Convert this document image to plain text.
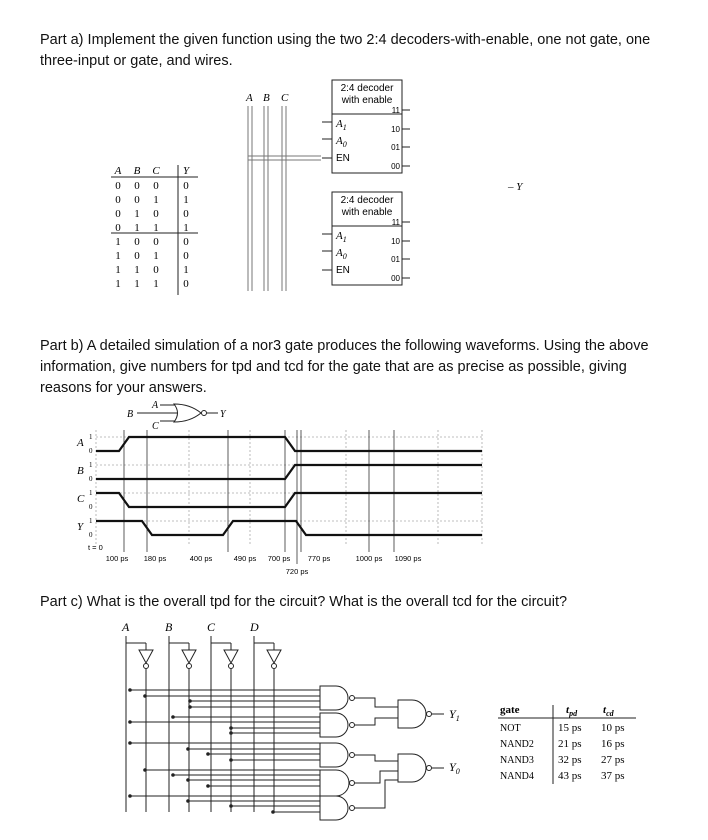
Part a) Implement the given function using the two 2:4 decoders-with-enable, one not gate, one three-input or gate, and wires.

A B C Y
0 0 0 0
0 0 1 1
0 1 0 0
0 1 1 1
1 0 0 0
1 0 1 0
1 1 0 1
1 1 1 0
A B C
2:4 decoder
with enable
$A_1$
$A_0$
EN
11
10
01
00
2:4 decoder
with enable
$A_1$
$A_0$
EN
11
10
01
00
– Y

Part b) A detailed simulation of a nor3 gate produces the following waveforms. Using the above information, give numbers for tpd and tcd for the gate that are as precise as possible, giving reasons for your answers.

A
B
C
Y
A
B
C
Y
1
0
1
0
1
0
1
0
t = 0
100 ps 180 ps	400 ps	490 ps 700 ps 770 ps	1000 ps 1090 ps
720 ps

Part c) What is the overall tpd for the circuit? What is the overall tcd for the circuit?

A	B	C	D
$Y_1$
$Y_0$
gate	$t_{pd}$ $t_{cd}$
NOT	15 ps 10 ps
NAND2 21 ps 16 ps
NAND3 32 ps 27 ps
NAND4 43 ps 37 ps
